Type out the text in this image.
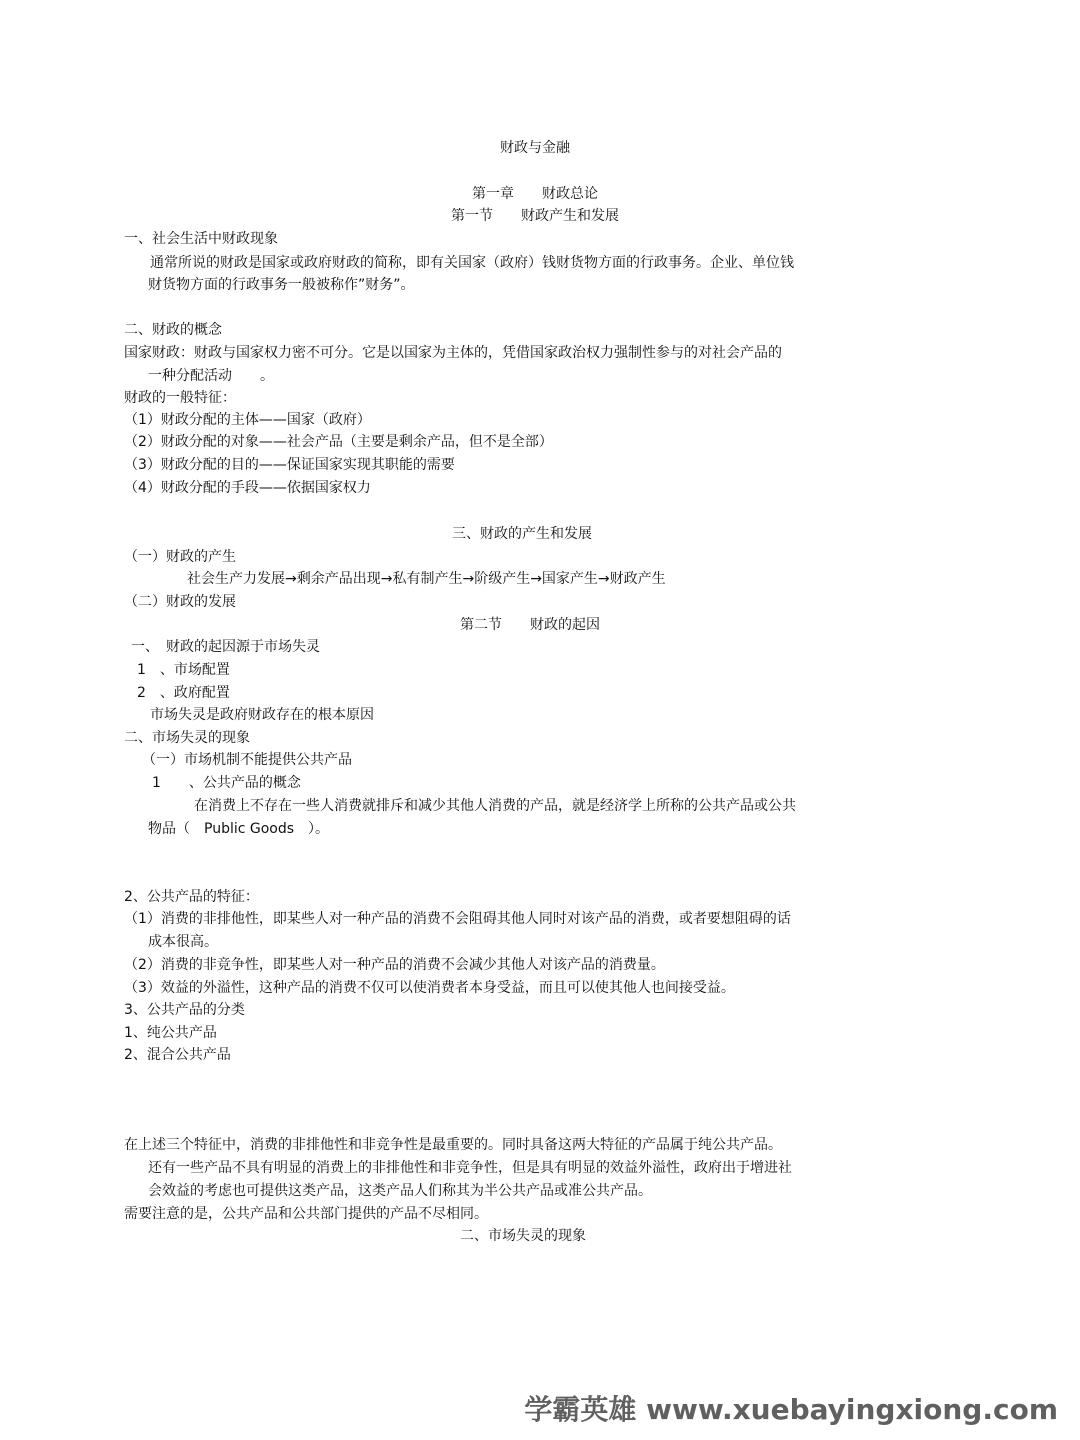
财政与金融

第一章　　财政总论

第一节　　财政产生和发展

一、社会生活中财政现象

通常所说的财政是国家或政府财政的简称，即有关国家（政府）钱财货物方面的行政事务。企业、单位钱

财货物方面的行政事务一般被称作”财务”。

二、财政的概念

国家财政：财政与国家权力密不可分。它是以国家为主体的，凭借国家政治权力强制性参与的对社会产品的

一种分配活动　　。

财政的一般特征：

（1）财政分配的主体——国家（政府）

（2）财政分配的对象——社会产品（主要是剩余产品，但不是全部）

（3）财政分配的目的——保证国家实现其职能的需要

（4）财政分配的手段——依据国家权力

三、财政的产生和发展

（一）财政的产生

社会生产力发展→剩余产品出现→私有制产生→阶级产生→国家产生→财政产生

（二）财政的发展

第二节　　财政的起因

一、　财政的起因源于市场失灵

1　、市场配置

2　、政府配置

市场失灵是政府财政存在的根本原因

二、市场失灵的现象

（一）市场机制不能提供公共产品

1　　、公共产品的概念

在消费上不存在一些人消费就排斥和减少其他人消费的产品，就是经济学上所称的公共产品或公共

物品（　Public Goods　）。

2、公共产品的特征：

（1）消费的非排他性，即某些人对一种产品的消费不会阻碍其他人同时对该产品的消费，或者要想阻碍的话

成本很高。

（2）消费的非竞争性，即某些人对一种产品的消费不会减少其他人对该产品的消费量。

（3）效益的外溢性，这种产品的消费不仅可以使消费者本身受益，而且可以使其他人也间接受益。

3、公共产品的分类

1、纯公共产品

2、混合公共产品

在上述三个特征中，消费的非排他性和非竞争性是最重要的。同时具备这两大特征的产品属于纯公共产品。

还有一些产品不具有明显的消费上的非排他性和非竞争性，但是具有明显的效益外溢性，政府出于增进社

会效益的考虑也可提供这类产品，这类产品人们称其为半公共产品或准公共产品。

需要注意的是，公共产品和公共部门提供的产品不尽相同。

二、市场失灵的现象

学霸英雄 www.xuebayingxiong.com
